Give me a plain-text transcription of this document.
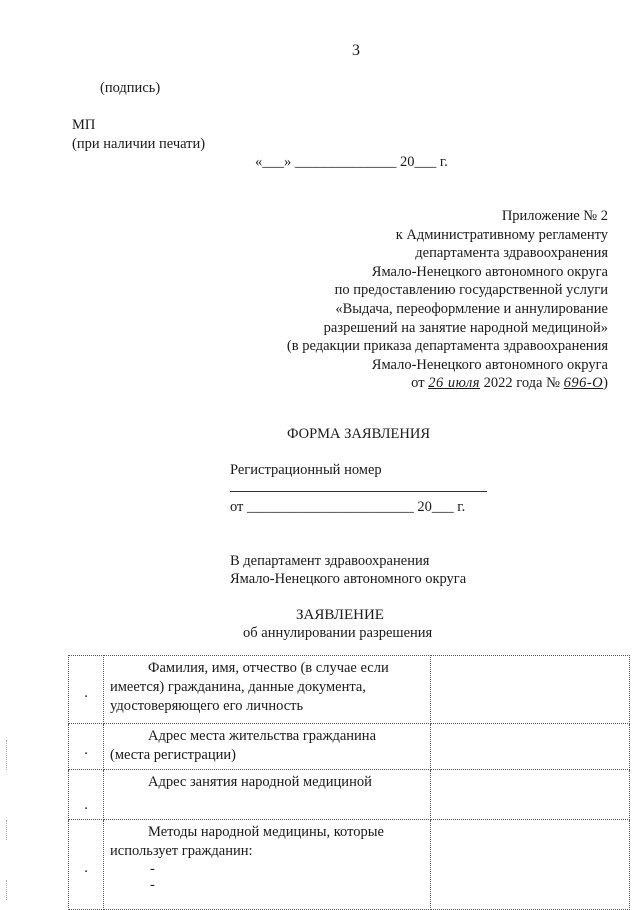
3
(подпись)
МП
(при наличии печати)
«___» ______________ 20___ г.
Приложение № 2
к Административному регламенту
департамента здравоохранения
Ямало-Ненецкого автономного округа
по предоставлению государственной услуги
«Выдача, переоформление и аннулирование
разрешений на занятие народной медициной»
(в редакции приказа департамента здравоохранения
Ямало-Ненецкого автономного округа
от 26 июля 2022 года № 696-О)
ФОРМА ЗАЯВЛЕНИЯ
Регистрационный номер
от _______________________ 20___ г.
В департамент здравоохранения
Ямало-Ненецкого автономного округа
ЗАЯВЛЕНИЕ
об аннулировании разрешения
.	Фамилия, имя, отчество (в случае если
имеется) гражданина, данные документа, удостоверяющего его личность	

.	Адрес места жительства гражданина
(места регистрации)	

.	Адрес занятия народной медициной	

.	Методы народной медицины, которые
использует гражданин:
-
-	
